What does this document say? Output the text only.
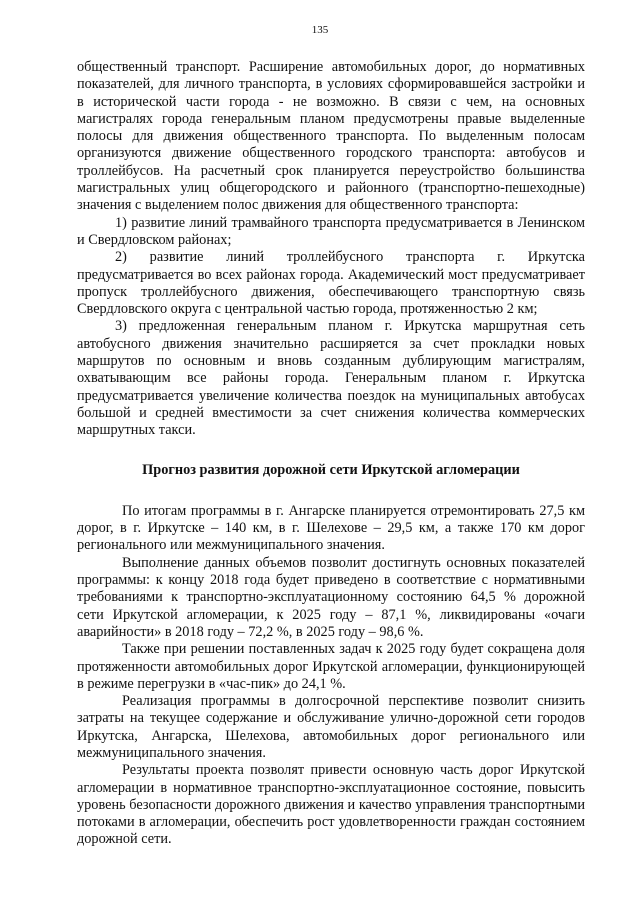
135

общественный транспорт. Расширение автомобильных дорог, до нормативных показателей, для личного транспорта, в условиях сформировавшейся застройки и в исторической части города - не возможно. В связи с чем, на основных магистралях города генеральным планом предусмотрены правые выделенные полосы для движения общественного транспорта. По выделенным полосам организуются движение общественного городского транспорта: автобусов и троллейбусов. На расчетный срок планируется переустройство большинства магистральных улиц общегородского и районного (транспортно-пешеходные) значения с выделением полос движения для общественного транспорта:

1) развитие линий трамвайного транспорта предусматривается в Ленинском и Свердловском районах;

2) развитие линий троллейбусного транспорта г. Иркутска предусматривается во всех районах города. Академический мост предусматривает пропуск троллейбусного движения, обеспечивающего транспортную связь Свердловского округа с центральной частью города, протяженностью 2 км;

3) предложенная генеральным планом г. Иркутска маршрутная сеть автобусного движения значительно расширяется за счет прокладки новых маршрутов по основным и вновь созданным дублирующим магистралям, охватывающим все районы города. Генеральным планом г. Иркутска предусматривается увеличение количества поездок на муниципальных автобусах большой и средней вместимости за счет снижения количества коммерческих маршрутных такси.

Прогноз развития дорожной сети Иркутской агломерации

По итогам программы в г. Ангарске планируется отремонтировать 27,5 км дорог, в г. Иркутске – 140 км, в г. Шелехове – 29,5 км, а также 170 км дорог регионального или межмуниципального значения.

Выполнение данных объемов позволит достигнуть основных показателей программы: к концу 2018 года будет приведено в соответствие с нормативными требованиями к транспортно-эксплуатационному состоянию 64,5 % дорожной сети Иркутской агломерации, к 2025 году – 87,1 %, ликвидированы «очаги аварийности» в 2018 году – 72,2 %, в 2025 году – 98,6 %.

Также при решении поставленных задач к 2025 году будет сокращена доля протяженности автомобильных дорог Иркутской агломерации, функционирующей в режиме перегрузки в «час-пик» до 24,1 %.

Реализация программы в долгосрочной перспективе позволит снизить затраты на текущее содержание и обслуживание улично-дорожной сети городов Иркутска, Ангарска, Шелехова, автомобильных дорог регионального или межмуниципального значения.

Результаты проекта позволят привести основную часть дорог Иркутской агломерации в нормативное транспортно-эксплуатационное состояние, повысить уровень безопасности дорожного движения и качество управления транспортными потоками в агломерации, обеспечить рост удовлетворенности граждан состоянием дорожной сети.
